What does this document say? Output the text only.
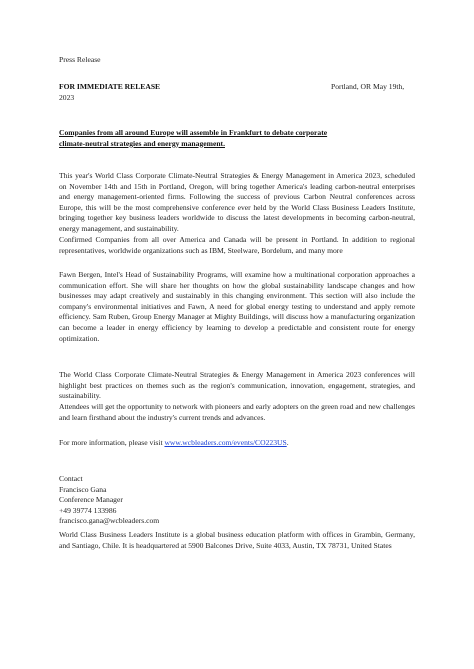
Press Release
FOR IMMEDIATE RELEASE	Portland, OR May 19th,
2023
Companies from all around Europe will assemble in Frankfurt to debate corporate
climate-neutral strategies and energy management.
This year's World Class Corporate Climate-Neutral Strategies & Energy Management in America 2023, scheduled on November 14th and 15th in Portland, Oregon, will bring together America's leading carbon-neutral enterprises and energy management-oriented firms. Following the success of previous Carbon Neutral conferences across Europe, this will be the most comprehensive conference ever held by the World Class Business Leaders Institute, bringing together key business leaders worldwide to discuss the latest developments in becoming carbon-neutral, energy management, and sustainability.
Confirmed Companies from all over America and Canada will be present in Portland. In addition to regional representatives, worldwide organizations such as IBM, Steelware, Bordelum, and many more
Fawn Bergen, Intel's Head of Sustainability Programs, will examine how a multinational corporation approaches a communication effort. She will share her thoughts on how the global sustainability landscape changes and how businesses may adapt creatively and sustainably in this changing environment. This section will also include the company's environmental initiatives and Fawn, A need for global energy testing to understand and apply remote efficiency. Sam Ruben, Group Energy Manager at Mighty Buildings, will discuss how a manufacturing organization can become a leader in energy efficiency by learning to develop a predictable and consistent route for energy optimization.
The World Class Corporate Climate-Neutral Strategies & Energy Management in America 2023 conferences will highlight best practices on themes such as the region's communication, innovation, engagement, strategies, and sustainability.
Attendees will get the opportunity to network with pioneers and early adopters on the green road and new challenges and learn firsthand about the industry's current trends and advances.
For more information, please visit www.wcbleaders.com/events/CO223US.
Contact
Francisco Gana
Conference Manager
+49 39774 133986
francisco.gana@wcbleaders.com
World Class Business Leaders Institute is a global business education platform with offices in Grambin, Germany, and Santiago, Chile. It is headquartered at 5900 Balcones Drive, Suite 4033, Austin, TX 78731, United States
